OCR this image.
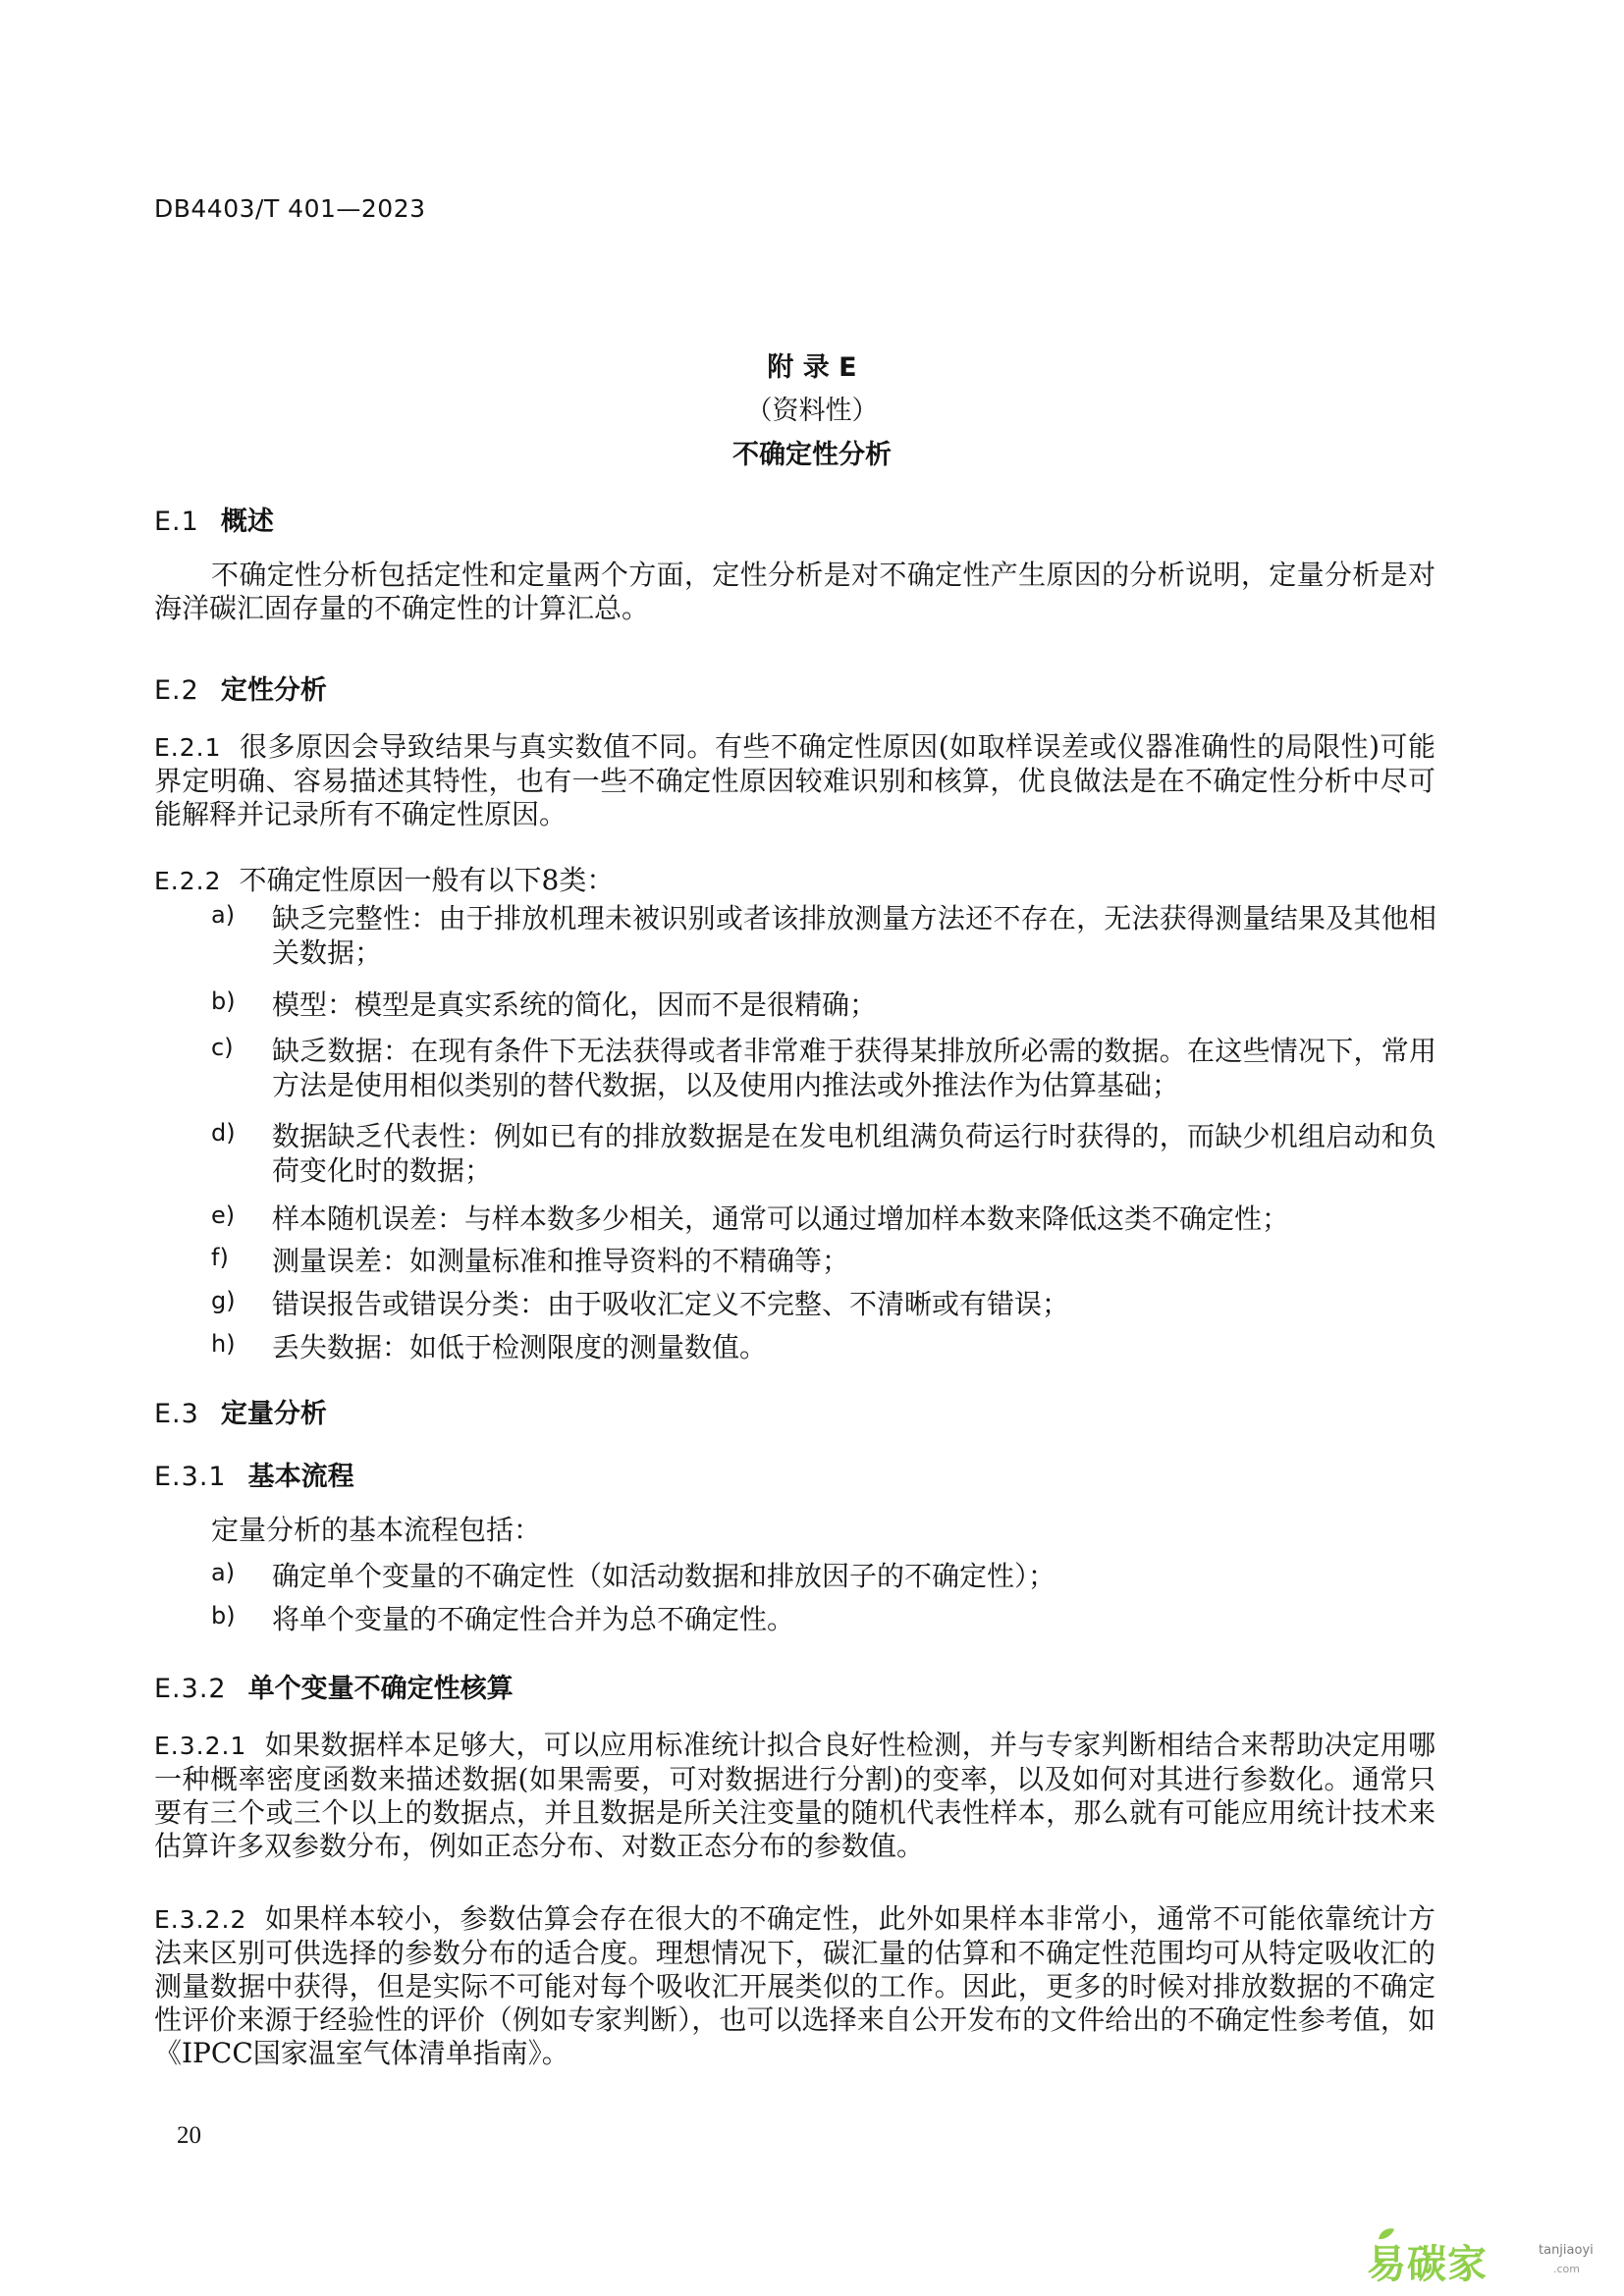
DB4403/T 401—2023
附 录 E
（资料性）
不确定性分析
E.1 概述
不确定性分析包括定性和定量两个方面，定性分析是对不确定性产生原因的分析说明，定量分析是对海洋碳汇固存量的不确定性的计算汇总。
E.2 定性分析
E.2.1 很多原因会导致结果与真实数值不同。有些不确定性原因(如取样误差或仪器准确性的局限性)可能界定明确、容易描述其特性，也有一些不确定性原因较难识别和核算，优良做法是在不确定性分析中尽可能解释并记录所有不确定性原因。
E.2.2 不确定性原因一般有以下8类：
a)	缺乏完整性：由于排放机理未被识别或者该排放测量方法还不存在，无法获得测量结果及其他相关数据；
b)	模型：模型是真实系统的简化，因而不是很精确；
c)	缺乏数据：在现有条件下无法获得或者非常难于获得某排放所必需的数据。在这些情况下，常用方法是使用相似类别的替代数据，以及使用内推法或外推法作为估算基础；
d)	数据缺乏代表性：例如已有的排放数据是在发电机组满负荷运行时获得的，而缺少机组启动和负荷变化时的数据；
e)	样本随机误差：与样本数多少相关，通常可以通过增加样本数来降低这类不确定性；
f)	测量误差：如测量标准和推导资料的不精确等；
g)	错误报告或错误分类：由于吸收汇定义不完整、不清晰或有错误；
h)	丢失数据：如低于检测限度的测量数值。
E.3 定量分析
E.3.1 基本流程
定量分析的基本流程包括：
a)	确定单个变量的不确定性（如活动数据和排放因子的不确定性）；
b)	将单个变量的不确定性合并为总不确定性。
E.3.2 单个变量不确定性核算
E.3.2.1 如果数据样本足够大，可以应用标准统计拟合良好性检测，并与专家判断相结合来帮助决定用哪一种概率密度函数来描述数据(如果需要，可对数据进行分割)的变率，以及如何对其进行参数化。通常只要有三个或三个以上的数据点，并且数据是所关注变量的随机代表性样本，那么就有可能应用统计技术来估算许多双参数分布，例如正态分布、对数正态分布的参数值。
E.3.2.2 如果样本较小，参数估算会存在很大的不确定性，此外如果样本非常小，通常不可能依靠统计方法来区别可供选择的参数分布的适合度。理想情况下，碳汇量的估算和不确定性范围均可从特定吸收汇的测量数据中获得，但是实际不可能对每个吸收汇开展类似的工作。因此，更多的时候对排放数据的不确定性评价来源于经验性的评价（例如专家判断），也可以选择来自公开发布的文件给出的不确定性参考值，如《IPCC国家温室气体清单指南》。
20
易碳家	tanjiaoyi
.com
